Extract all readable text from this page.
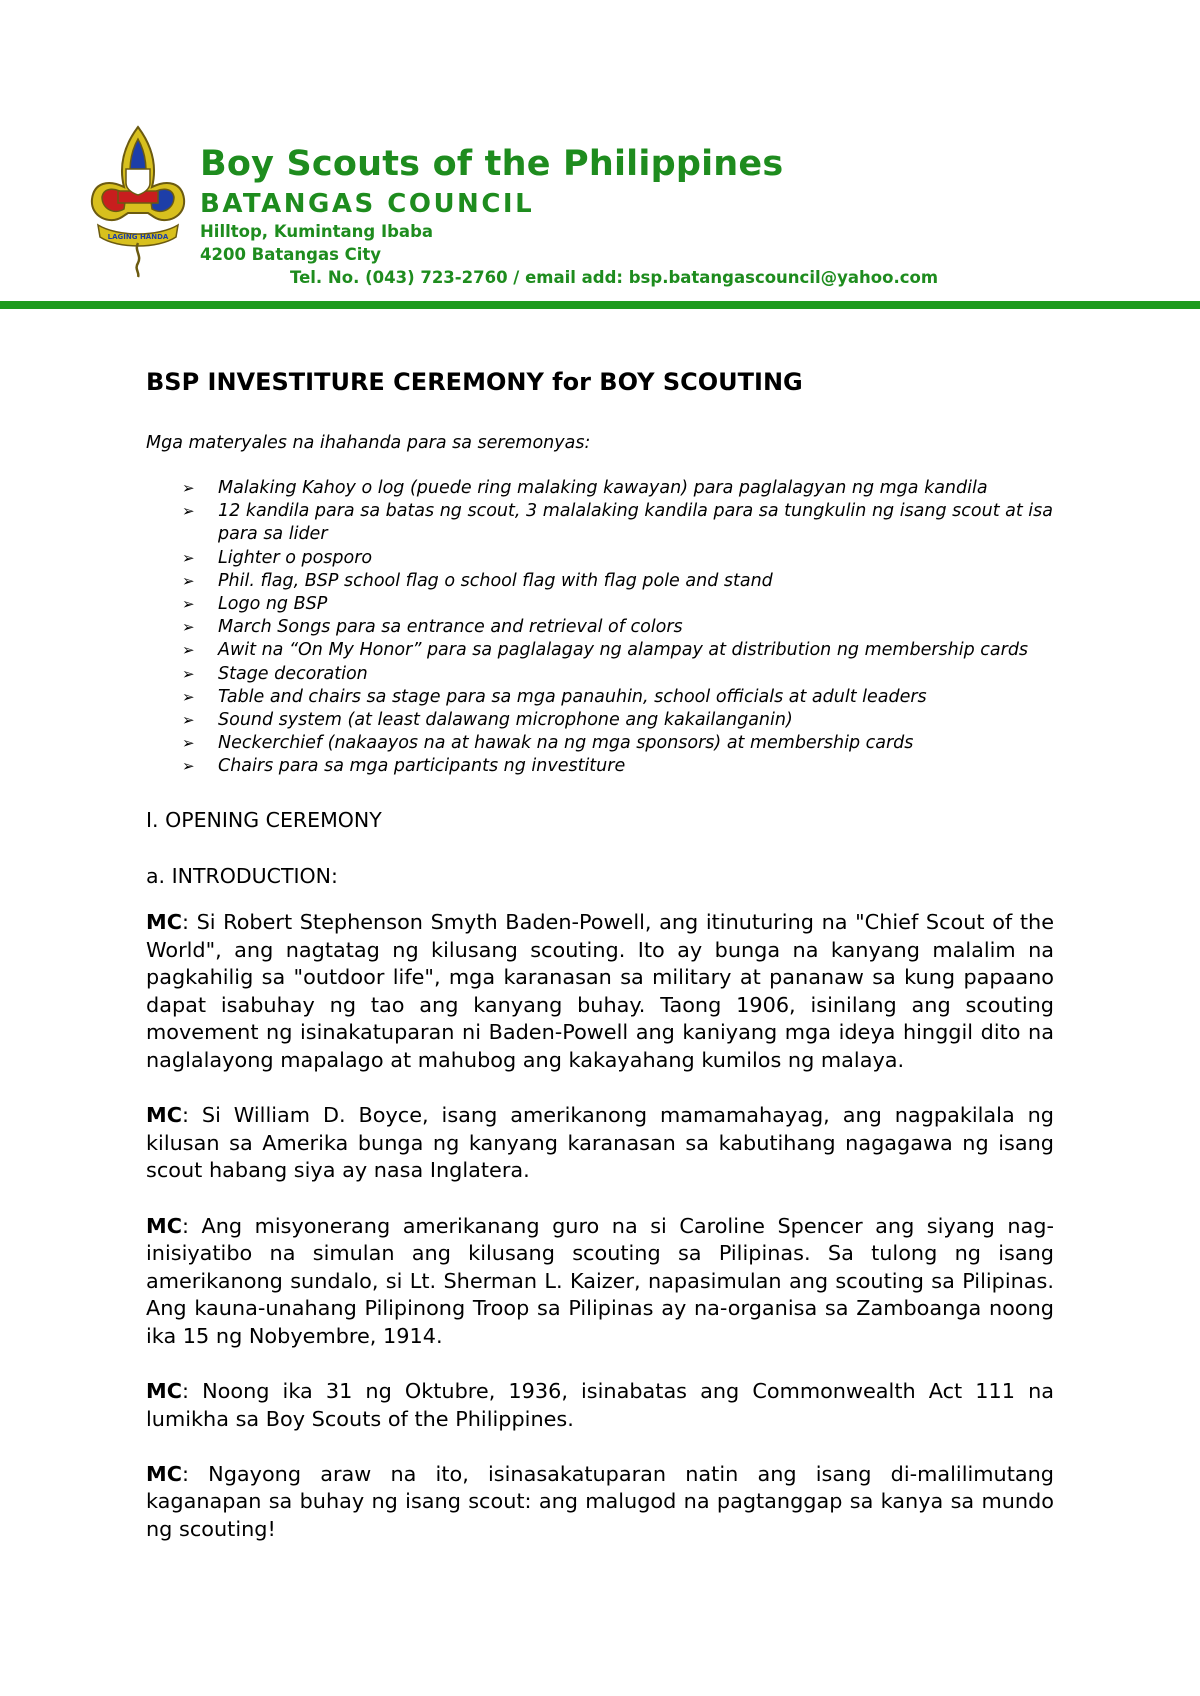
LAGING HANDA
Boy Scouts of the Philippines
BATANGAS COUNCIL
Hilltop, Kumintang Ibaba
4200 Batangas City
Tel. No. (043) 723-2760 / email add: bsp.batangascouncil@yahoo.com
BSP INVESTITURE CEREMONY for BOY SCOUTING
Mga materyales na ihahanda para sa seremonyas:
➢ Malaking Kahoy o log (puede ring malaking kawayan) para paglalagyan ng mga kandila
➢ 12 kandila para sa batas ng scout, 3 malalaking kandila para sa tungkulin ng isang scout at isa para sa lider
➢ Lighter o posporo
➢ Phil. flag, BSP school flag o school flag with flag pole and stand
➢ Logo ng BSP
➢ March Songs para sa entrance and retrieval of colors
➢ Awit na “On My Honor” para sa paglalagay ng alampay at distribution ng membership cards
➢ Stage decoration
➢ Table and chairs sa stage para sa mga panauhin, school officials at adult leaders
➢ Sound system (at least dalawang microphone ang kakailanganin)
➢ Neckerchief (nakaayos na at hawak na ng mga sponsors) at membership cards
➢ Chairs para sa mga participants ng investiture
I. OPENING CEREMONY
a. INTRODUCTION:

MC: Si Robert Stephenson Smyth Baden-Powell, ang itinuturing na "Chief Scout of the World", ang nagtatag ng kilusang scouting. Ito ay bunga na kanyang malalim na pagkahilig sa "outdoor life", mga karanasan sa military at pananaw sa kung papaano dapat isabuhay ng tao ang kanyang buhay. Taong 1906, isinilang ang scouting movement ng isinakatuparan ni Baden-Powell ang kaniyang mga ideya hinggil dito na naglalayong mapalago at mahubog ang kakayahang kumilos ng malaya.

MC: Si William D. Boyce, isang amerikanong mamamahayag, ang nagpakilala ng kilusan sa Amerika bunga ng kanyang karanasan sa kabutihang nagagawa ng isang scout habang siya ay nasa Inglatera.

MC: Ang misyonerang amerikanang guro na si Caroline Spencer ang siyang nag-inisiyatibo na simulan ang kilusang scouting sa Pilipinas. Sa tulong ng isang amerikanong sundalo, si Lt. Sherman L. Kaizer, napasimulan ang scouting sa Pilipinas. Ang kauna-unahang Pilipinong Troop sa Pilipinas ay na-organisa sa Zamboanga noong ika 15 ng Nobyembre, 1914.

MC: Noong ika 31 ng Oktubre, 1936, isinabatas ang Commonwealth Act 111 na lumikha sa Boy Scouts of the Philippines.

MC: Ngayong araw na ito, isinasakatuparan natin ang isang di-malilimutang kaganapan sa buhay ng isang scout: ang malugod na pagtanggap sa kanya sa mundo ng scouting!
